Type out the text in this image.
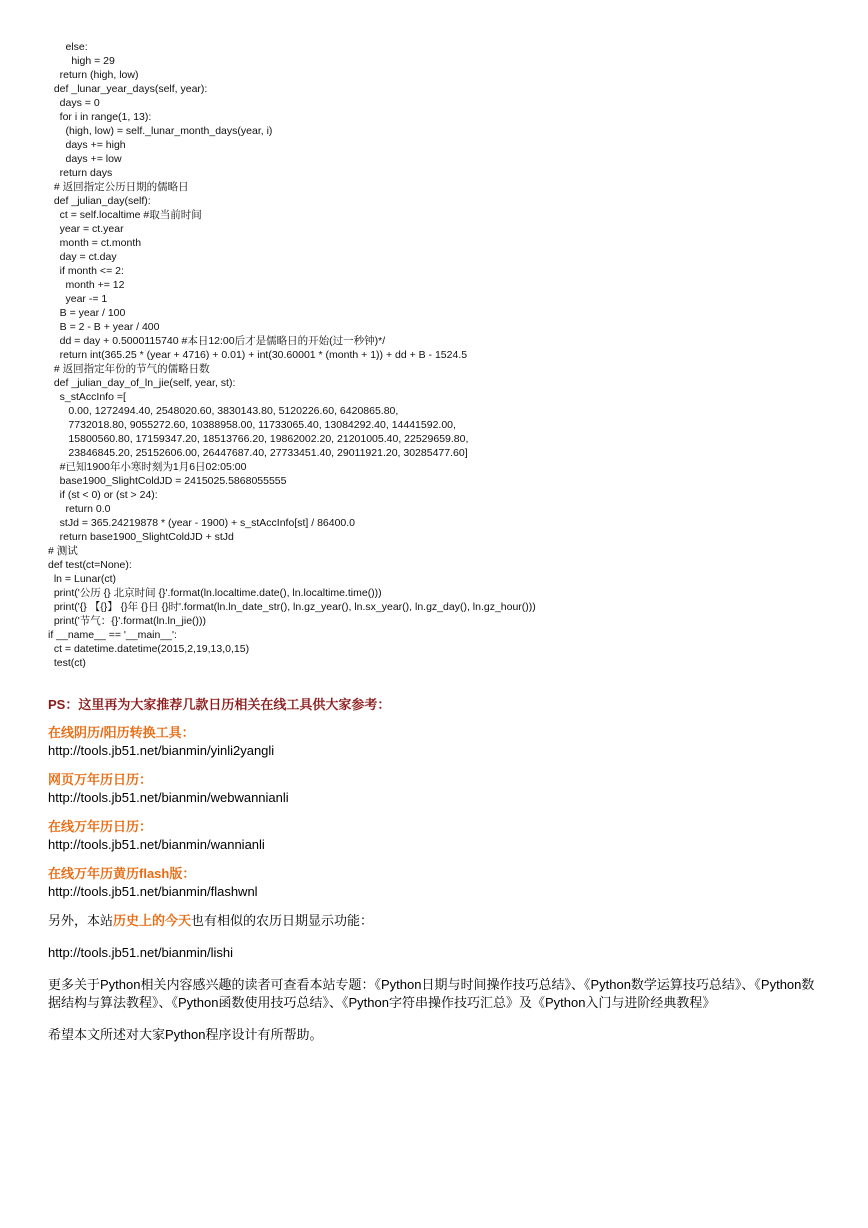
else:
high = 29
return (high, low)
def _lunar_year_days(self, year):
days = 0
for i in range(1, 13):
(high, low) = self._lunar_month_days(year, i)
days += high
days += low
return days
# 返回指定公历日期的儒略日
def _julian_day(self):
ct = self.localtime #取当前时间
year = ct.year
month = ct.month
day = ct.day
if month <= 2:
month += 12
year -= 1
B = year / 100
B = 2 - B + year / 400
dd = day + 0.5000115740 #本日12:00后才是儒略日的开始(过一秒钟)*/
return int(365.25 * (year + 4716) + 0.01) + int(30.60001 * (month + 1)) + dd + B - 1524.5
# 返回指定年份的节气的儒略日数
def _julian_day_of_ln_jie(self, year, st):
s_stAccInfo =[
0.00, 1272494.40, 2548020.60, 3830143.80, 5120226.60, 6420865.80,
7732018.80, 9055272.60, 10388958.00, 11733065.40, 13084292.40, 14441592.00,
15800560.80, 17159347.20, 18513766.20, 19862002.20, 21201005.40, 22529659.80,
23846845.20, 25152606.00, 26447687.40, 27733451.40, 29011921.20, 30285477.60]
#已知1900年小寒时刻为1月6日02:05:00
base1900_SlightColdJD = 2415025.5868055555
if (st < 0) or (st > 24):
return 0.0
stJd = 365.24219878 * (year - 1900) + s_stAccInfo[st] / 86400.0
return base1900_SlightColdJD + stJd
# 测试
def test(ct=None):
ln = Lunar(ct)
print('公历 {} 北京时间 {}'.format(ln.localtime.date(), ln.localtime.time()))
print('{} 【{}】 {}年 {}日 {}时'.format(ln.ln_date_str(), ln.gz_year(), ln.sx_year(), ln.gz_day(), ln.gz_hour()))
print('节气：{}'.format(ln.ln_jie()))
if __name__ == '__main__':
ct = datetime.datetime(2015,2,19,13,0,15)
test(ct)
PS：这里再为大家推荐几款日历相关在线工具供大家参考：
在线阴历/阳历转换工具：
http://tools.jb51.net/bianmin/yinli2yangli
网页万年历日历：
http://tools.jb51.net/bianmin/webwannianli
在线万年历日历：
http://tools.jb51.net/bianmin/wannianli
在线万年历黄历flash版：
http://tools.jb51.net/bianmin/flashwnl
另外，本站历史上的今天也有相似的农历日期显示功能：
http://tools.jb51.net/bianmin/lishi
更多关于Python相关内容感兴趣的读者可查看本站专题：《Python日期与时间操作技巧总结》、《Python数学运算技巧总结》、《Python数据结构与算法教程》、《Python函数使用技巧总结》、《Python字符串操作技巧汇总》及《Python入门与进阶经典教程》
希望本文所述对大家Python程序设计有所帮助。
